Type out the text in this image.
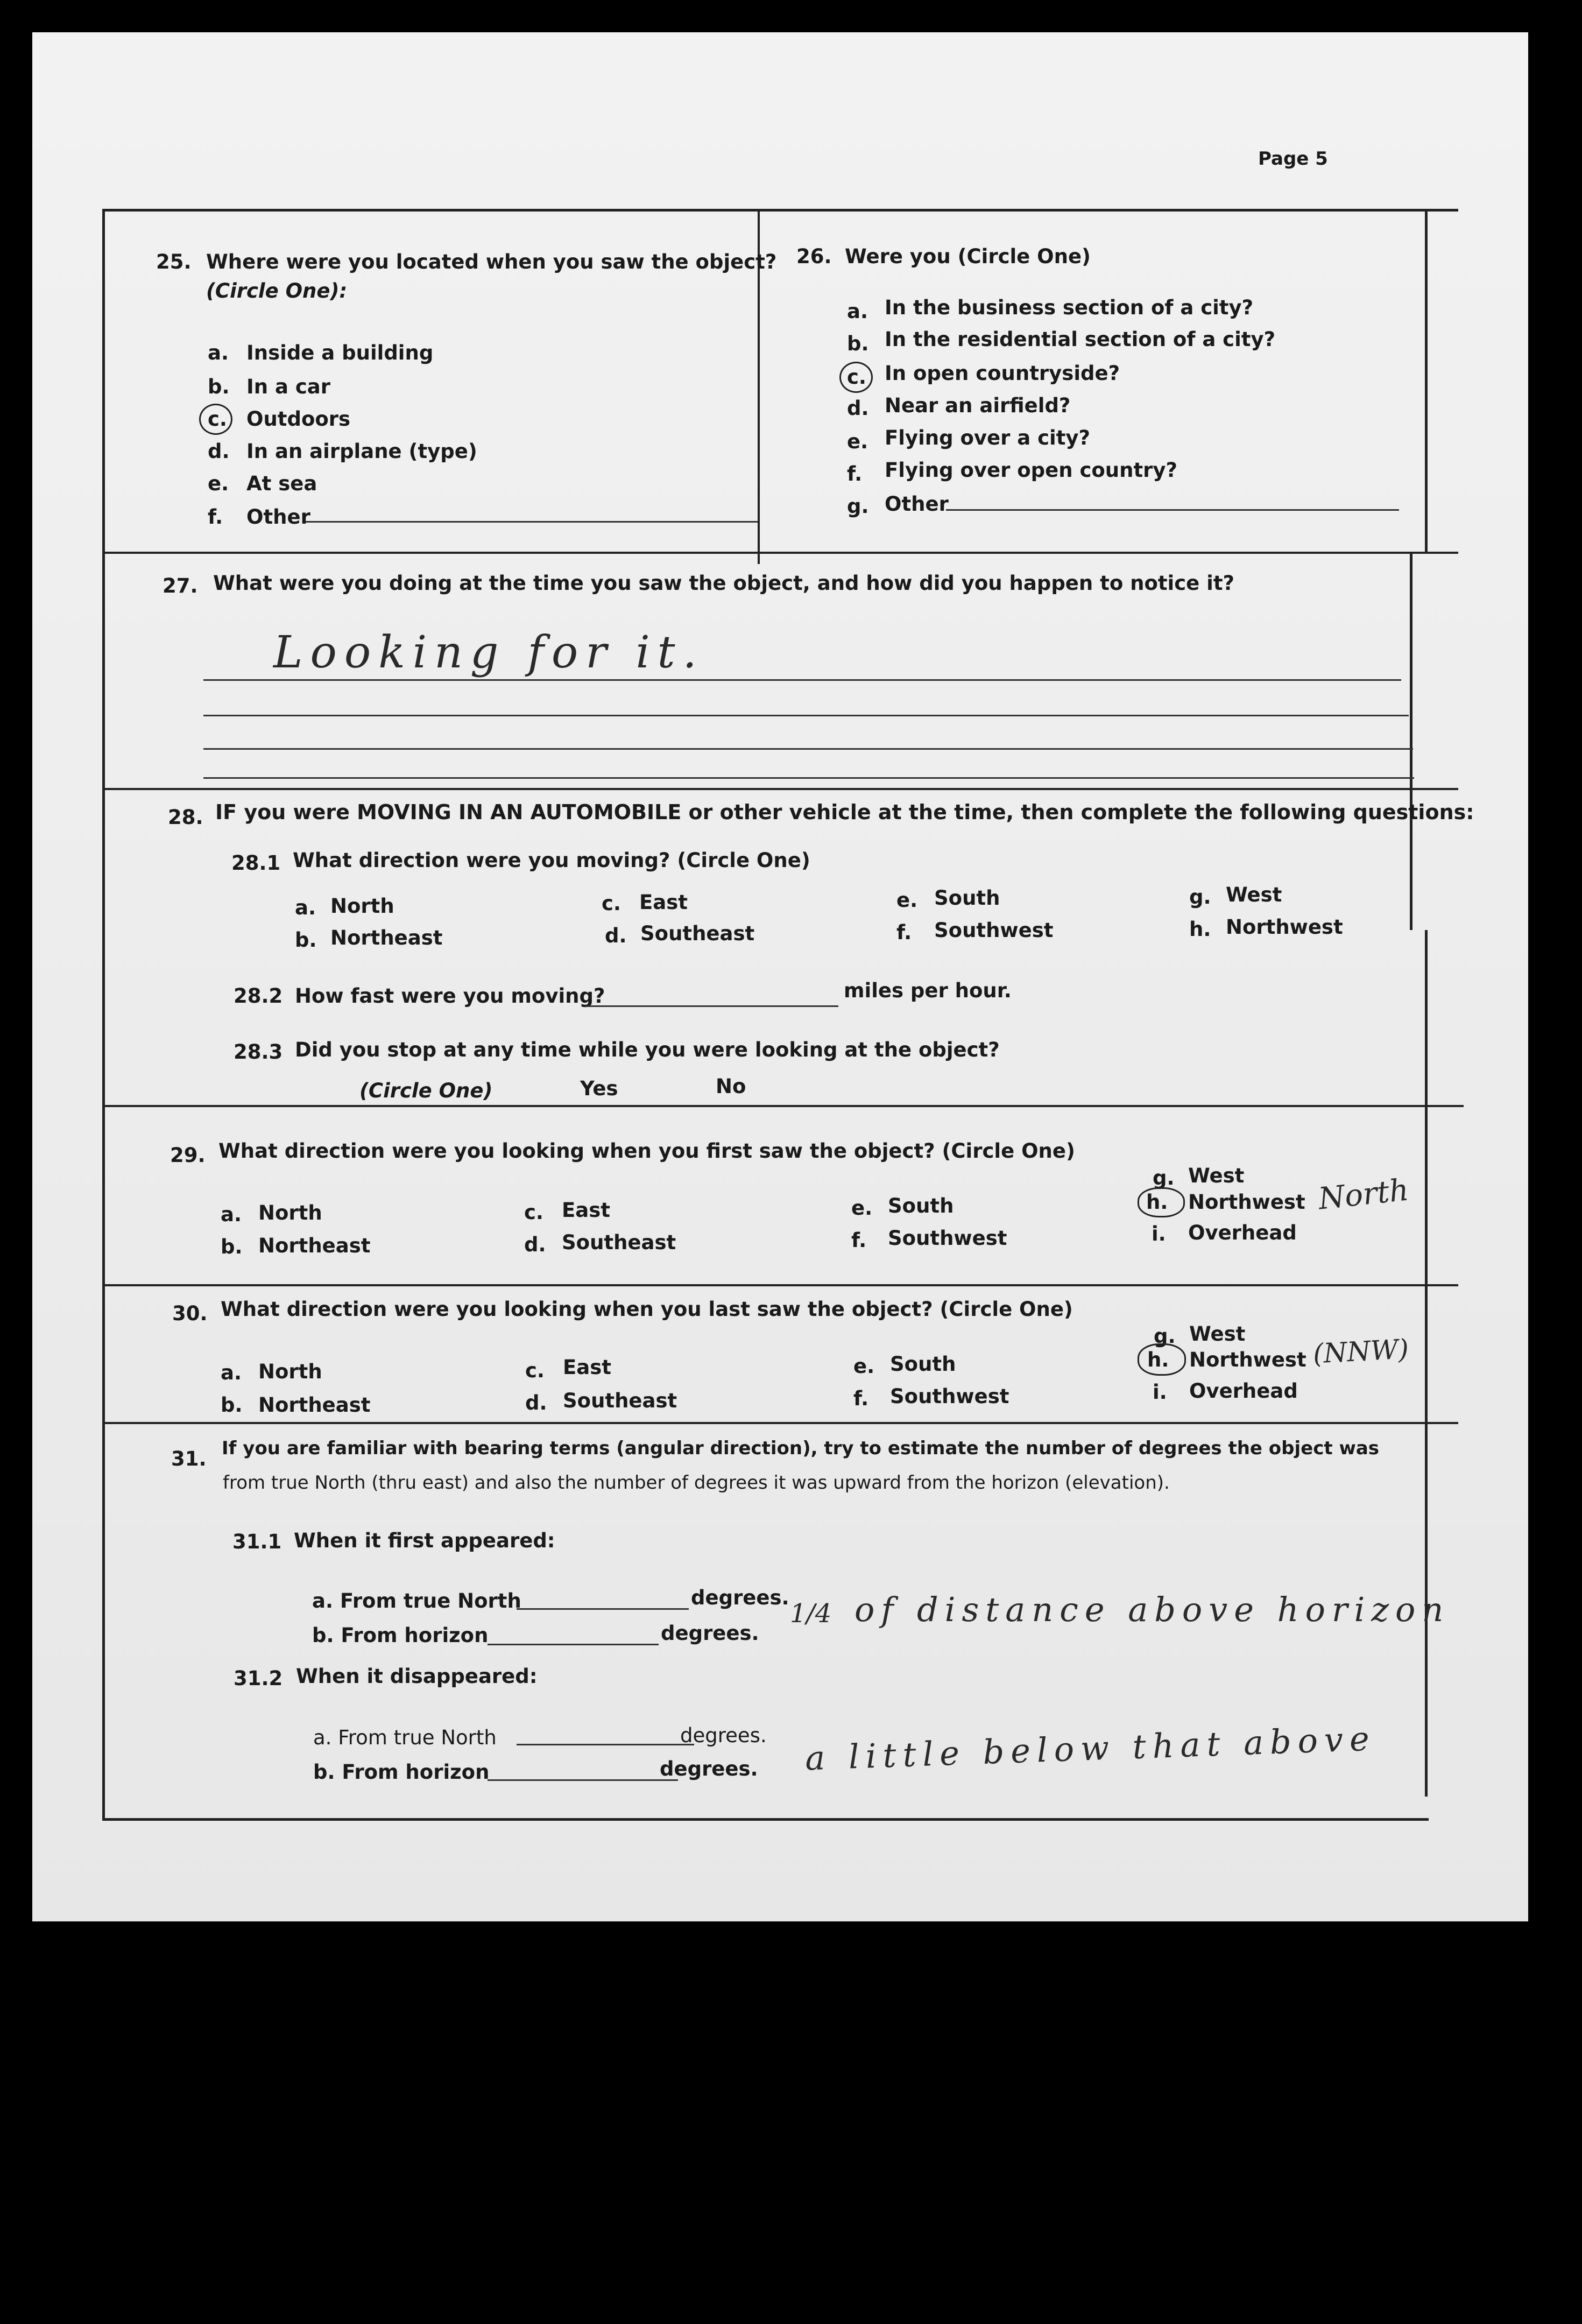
Page 5
25. Where were you located when you saw the object?
(Circle One):
a. Inside a building
b. In a car
c. Outdoors
d. In an airplane (type)
e. At sea
f. Other
26. Were you (Circle One)
a. In the business section of a city?
b. In the residential section of a city?
c. In open countryside?
d. Near an airfield?
e. Flying over a city?
f. Flying over open country?
g. Other
27. What were you doing at the time you saw the object, and how did you happen to notice it?
Looking for it.
28. IF you were MOVING IN AN AUTOMOBILE or other vehicle at the time, then complete the following questions:
28.1 What direction were you moving? (Circle One)
a. North
b. Northeast
c. East
d. Southeast
e. South
f. Southwest
g. West
h. Northwest
28.2 How fast were you moving?	miles per hour.
28.3 Did you stop at any time while you were looking at the object?
(Circle One)	Yes	No
29. What direction were you looking when you first saw the object? (Circle One)
a. North
b. Northeast
c. East
d. Southeast
e. South
f. Southwest
g. West
h. Northwest
i. Overhead
North
30. What direction were you looking when you last saw the object? (Circle One)
a. North
b. Northeast
c. East
d. Southeast
e. South
f. Southwest
g. West
h. Northwest
i. Overhead
(NNW)
31. If you are familiar with bearing terms (angular direction), try to estimate the number of degrees the object was
from true North (thru east) and also the number of degrees it was upward from the horizon (elevation).
31.1 When it first appeared:
a. From true North	degrees.
b. From horizon	degrees.
1/4 of distance above horizon
31.2 When it disappeared:
a. From true North	degrees.
b. From horizon	degrees. a little below that above
